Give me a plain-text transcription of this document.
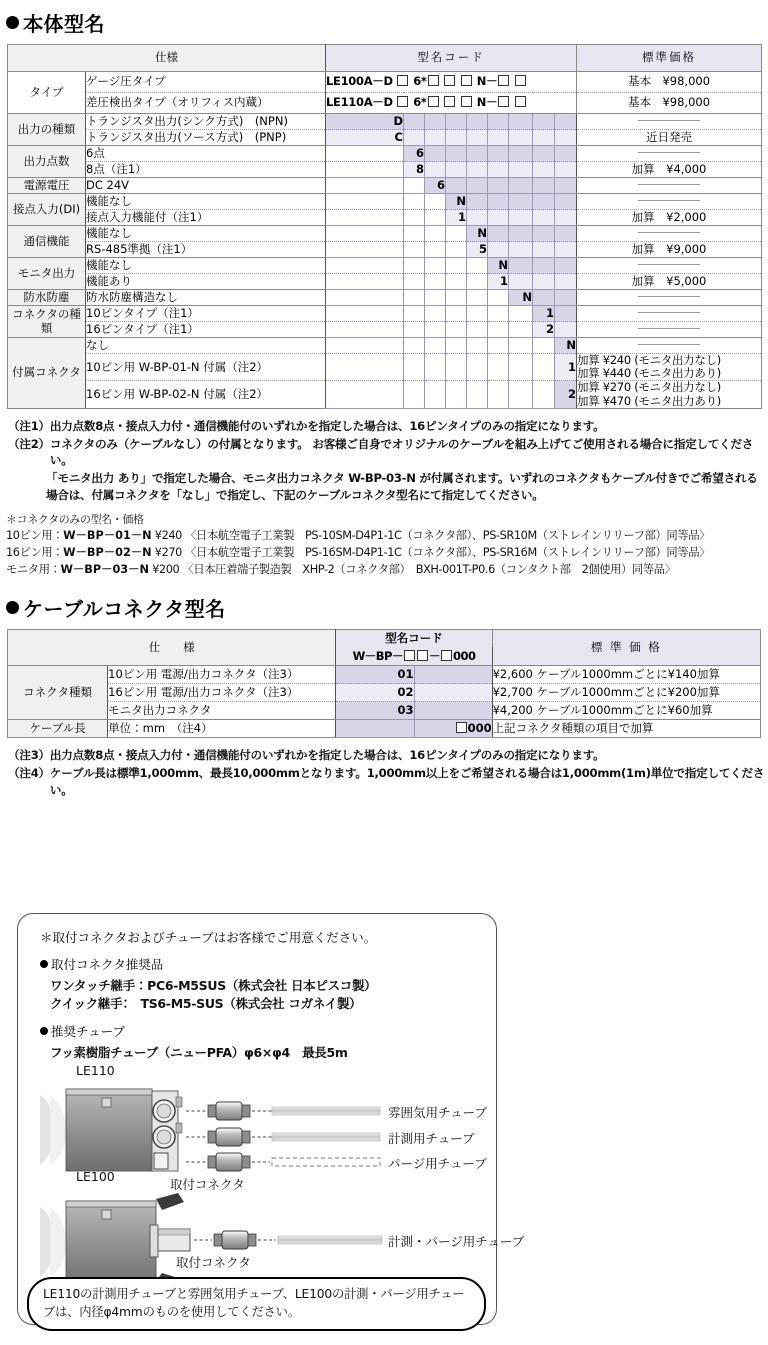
本体型名
仕様		型名コード									標準価格
タイプ	ゲージ圧タイプ	LE100A－D 6* N－									基本　¥98,000
	差圧検出タイプ（オリフィス内蔵）	LE110A－D 6* N－									基本　¥98,000
出力の種類	トランジスタ出力(シンク方式)　(NPN)	D									
	トランジスタ出力(ソース方式)　(PNP)	C									近日発売
出力点数	6点		6								
	8点（注1）		8								加算　¥4,000
電源電圧	DC 24V			6							
接点入力(DI)	機能なし				N						
	接点入力機能付（注1）				1						加算　¥2,000
通信機能	機能なし					N					
	RS-485準拠（注1）					5					加算　¥9,000
モニタ出力	機能なし						N				
	機能あり						1				加算　¥5,000
防水防塵	防水防塵構造なし							N			
コネクタの種類	10ピンタイプ（注1）								1		
	16ピンタイプ（注1）								2		
付属コネクタ	なし									N	
	10ピン用 W-BP-01-N 付属（注2）									1	加算 ¥240 (モニタ出力なし)
加算 ¥440 (モニタ出力あり)

	16ピン用 W-BP-02-N 付属（注2）									2	加算 ¥270 (モニタ出力なし)
加算 ¥470 (モニタ出力あり)
（注1） 出力点数8点・接点入力付・通信機能付のいずれかを指定した場合は、16ピンタイプのみの指定になります。
（注2） コネクタのみ（ケーブルなし）の付属となります。 お客様ご自身でオリジナルのケーブルを組み上げてご使用される場合に指定してください。
「モニタ出力 あり」で指定した場合、モニタ出力コネクタ W-BP-03-N が付属されます。いずれのコネクタもケーブル付きでご希望される場合は、付属コネクタを「なし」で指定し、下記のケーブルコネクタ型名にて指定してください。
＊コネクタのみの型名・価格
10ピン用：W－BP－01－N ¥240 〈日本航空電子工業製　PS-10SM-D4P1-1C（コネクタ部）、PS-SR10M（ストレインリリーフ部）同等品〉
16ピン用：W－BP－02－N ¥270 〈日本航空電子工業製　PS-16SM-D4P1-1C（コネクタ部）、PS-SR16M（ストレインリリーフ部）同等品〉
モニタ用：W－BP－03－N ¥200 〈日本圧着端子製造製　XHP-2（コネクタ部）　BXH-001T-P0.6（コンタクト部　2個使用）同等品〉
ケーブルコネクタ型名
仕　　様		型名コード		標 準 価 格
		W－BP－ － 000		
コネクタ種類	10ピン用 電源/出力コネクタ（注3）	01		¥2,600 ケーブル1000mmごとに¥140加算
	16ピン用 電源/出力コネクタ（注3）	02		¥2,700 ケーブル1000mmごとに¥200加算
	モニタ出力コネクタ	03		¥4,200 ケーブル1000mmごとに¥60加算
ケーブル長	単位：mm　（注4）		000	上記コネクタ種類の項目で加算
（注3） 出力点数8点・接点入力付・通信機能付のいずれかを指定した場合は、16ピンタイプのみの指定になります。
（注4） ケーブル長は標準1,000mm、最長10,000mmとなります。1,000mm以上をご希望される場合は1,000mm(1m)単位で指定してください。
＊取付コネクタおよびチューブはお客様でご用意ください。
取付コネクタ推奨品
ワンタッチ継手：PC6-M5SUS（株式会社 日本ピスコ製）
クイック継手：　TS6-M5-SUS（株式会社 コガネイ製）
推奨チューブ
フッ素樹脂チューブ（ニューPFA）φ6×φ4　最長5m
LE110
LE100
雰囲気用チューブ
計測用チューブ
パージ用チューブ
計測・パージ用チューブ
取付コネクタ
取付コネクタ

LE110の計測用チューブと雰囲気用チューブ、LE100の計測・パージ用チューブは、内径φ4mmのものを使用してください。
